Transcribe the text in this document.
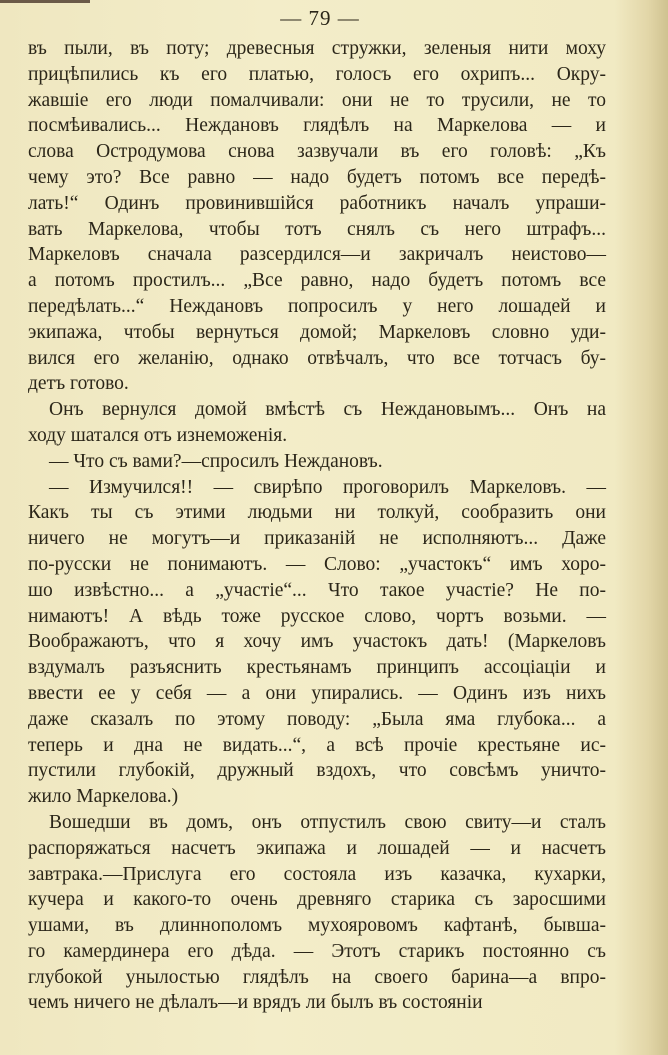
— 79 —
въ пыли, въ поту; древесныя стружки, зеленыя нити моху
прицѣпились къ его платью, голосъ его охрипъ... Окру-
жавшіе его люди помалчивали: они не то трусили, не то
посмѣивались... Неждановъ глядѣлъ на Маркелова — и
слова Остродумова снова зазвучали въ его головѣ: „Къ
чему это? Все равно — надо будетъ потомъ все передѣ-
лать!“ Одинъ провинившійся работникъ началъ упраши-
вать Маркелова, чтобы тотъ снялъ съ него штрафъ...
Маркеловъ сначала разсердился—и закричалъ неистово—
а потомъ простилъ... „Все равно, надо будетъ потомъ все
передѣлать...“ Неждановъ попросилъ у него лошадей и
экипажа, чтобы вернуться домой; Маркеловъ словно уди-
вился его желанію, однако отвѣчалъ, что все тотчасъ бу-
детъ готово.
Онъ вернулся домой вмѣстѣ съ Неждановымъ... Онъ на
ходу шатался отъ изнеможенія.
— Что съ вами?—спросилъ Неждановъ.
— Измучился!! — свирѣпо проговорилъ Маркеловъ. —
Какъ ты съ этими людьми ни толкуй, сообразить они
ничего не могутъ—и приказаній не исполняютъ... Даже
по-русски не понимаютъ. — Слово: „участокъ“ имъ хоро-
шо извѣстно... а „участіе“... Что такое участіе? Не по-
нимаютъ! А вѣдь тоже русское слово, чортъ возьми. —
Воображаютъ, что я хочу имъ участокъ дать! (Маркеловъ
вздумалъ разъяснить крестьянамъ принципъ ассоціаціи и
ввести ее у себя — а они упирались. — Одинъ изъ нихъ
даже сказалъ по этому поводу: „Была яма глубока... а
теперь и дна не видать...“, а всѣ прочіе крестьяне ис-
пустили глубокій, дружный вздохъ, что совсѣмъ уничто-
жило Маркелова.)
Вошедши въ домъ, онъ отпустилъ свою свиту—и сталъ
распоряжаться насчетъ экипажа и лошадей — и насчетъ
завтрака.—Прислуга его состояла изъ казачка, кухарки,
кучера и какого-то очень древняго старика съ заросшими
ушами, въ длиннополомъ мухояровомъ кафтанѣ, бывша-
го камердинера его дѣда. — Этотъ старикъ постоянно съ
глубокой унылостью глядѣлъ на своего барина—а впро-
чемъ ничего не дѣлалъ—и врядъ ли былъ въ состояніи
